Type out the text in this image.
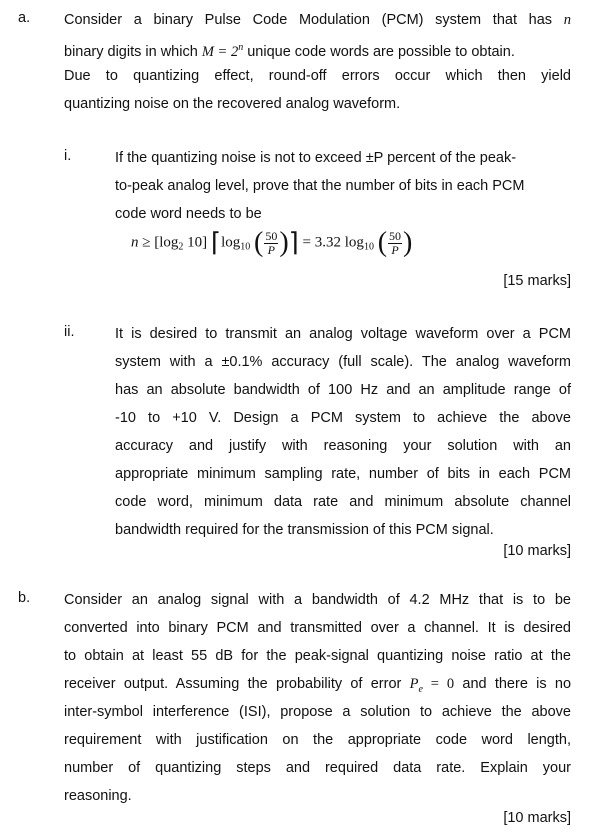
a. Consider a binary Pulse Code Modulation (PCM) system that has n
binary digits in which $M = 2^n$ unique code words are possible to obtain.
Due to quantizing effect, round-off errors occur which then yield
quantizing noise on the recovered analog waveform.
i.	If the quantizing noise is not to exceed ±P percent of the peak-
to-peak analog level, prove that the number of bits in each PCM
code word needs to be
$n \ge [\log_2$ 10] $⌈\log_{10}$ ( $\frac{50}{P}$ )⌉ = 3.32 $\log_{10}$ ( $\frac{50}{P}$ )
[15 marks]
ii.	It is desired to transmit an analog voltage waveform over a PCM
system with a ±0.1% accuracy (full scale). The analog waveform
has an absolute bandwidth of 100 Hz and an amplitude range of
-10 to +10 V. Design a PCM system to achieve the above
accuracy and justify with reasoning your solution with an
appropriate minimum sampling rate, number of bits in each PCM
code word, minimum data rate and minimum absolute channel
bandwidth required for the transmission of this PCM signal.
[10 marks]
b. Consider an analog signal with a bandwidth of 4.2 MHz that is to be
converted into binary PCM and transmitted over a channel. It is desired
to obtain at least 55 dB for the peak-signal quantizing noise ratio at the
receiver output. Assuming the probability of error $P_e = 0$ and there is no
inter-symbol interference (ISI), propose a solution to achieve the above
requirement with justification on the appropriate code word length,
number of quantizing steps and required data rate. Explain your
reasoning.
[10 marks]
